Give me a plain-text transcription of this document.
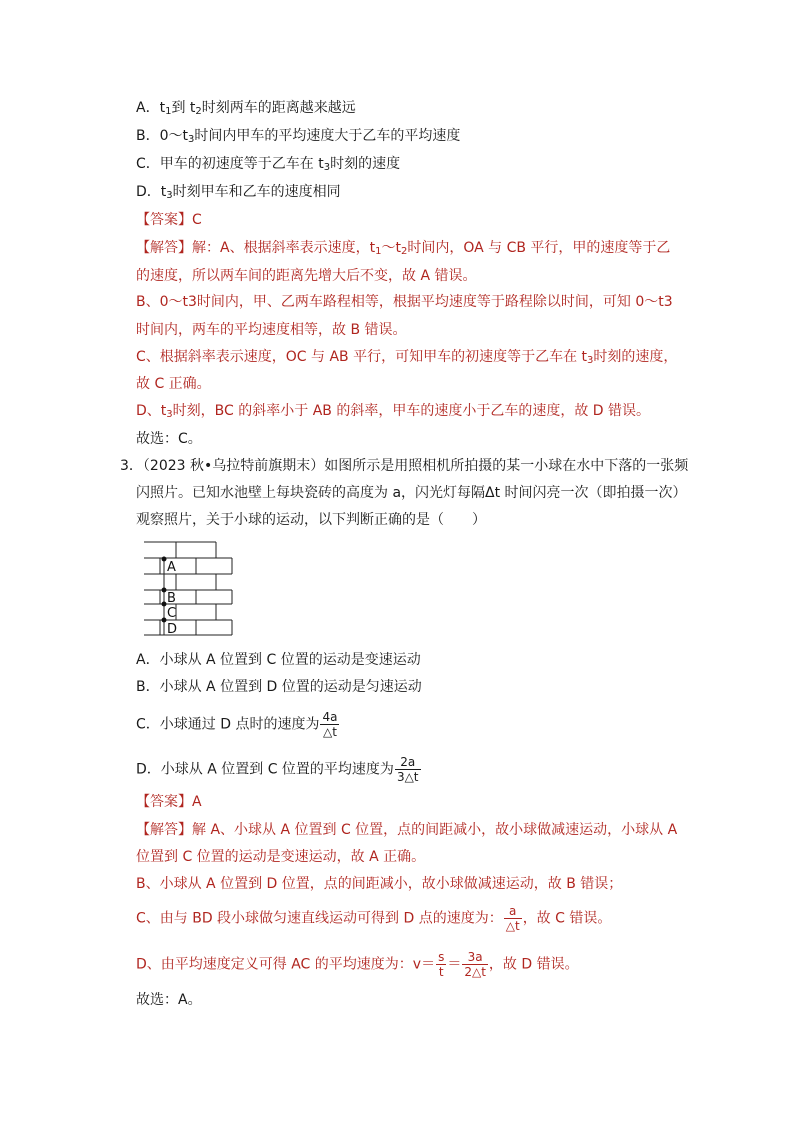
A．$t_1$到 $t_2$时刻两车的距离越来越远
B．$0\sim t_3$时间内甲车的平均速度大于乙车的平均速度
C．甲车的初速度等于乙车在 $t_3$时刻的速度
D．$t_3$时刻甲车和乙车的速度相同
【答案】C
【解答】解：A、根据斜率表示速度，$t_1\sim t_2$时间内，OA 与 CB 平行，甲的速度等于乙
的速度，所以两车间的距离先增大后不变，故 A 错误。
B、0～t3时间内，甲、乙两车路程相等，根据平均速度等于路程除以时间，可知 0～t3
时间内，两车的平均速度相等，故 B 错误。
C、根据斜率表示速度，OC 与 AB 平行，可知甲车的初速度等于乙车在 $t_3$时刻的速度，
故 C 正确。
D、$t_3$时刻，BC 的斜率小于 AB 的斜率，甲车的速度小于乙车的速度，故 D 错误。
故选：C。
3．（2023 秋•乌拉特前旗期末）如图所示是用照相机所拍摄的某一小球在水中下落的一张频
闪照片。已知水池壁上每块瓷砖的高度为 a，闪光灯每隔Δt 时间闪亮一次（即拍摄一次）
观察照片，关于小球的运动，以下判断正确的是（　　）
A
B
C
D
A．小球从 A 位置到 C 位置的运动是变速运动
B．小球从 A 位置到 D 位置的运动是匀速运动
C．小球通过 D 点时的速度为 $\frac{4a}{\triangle t}$
D．小球从 A 位置到 C 位置的平均速度为 $\frac{2a}{3\triangle t}$
【答案】A
【解答】解 A、小球从 A 位置到 C 位置，点的间距减小，故小球做减速运动，小球从 A
位置到 C 位置的运动是变速运动，故 A 正确。
B、小球从 A 位置到 D 位置，点的间距减小，故小球做减速运动，故 B 错误；
C、由与 BD 段小球做匀速直线运动可得到 D 点的速度为： $\frac{a}{\triangle t}$ ，故 C 错误。
D、由平均速度定义可得 AC 的平均速度为：$v= \frac{s}{t} = \frac{3a}{2\triangle t}$ ，故 D 错误。
故选：A。
